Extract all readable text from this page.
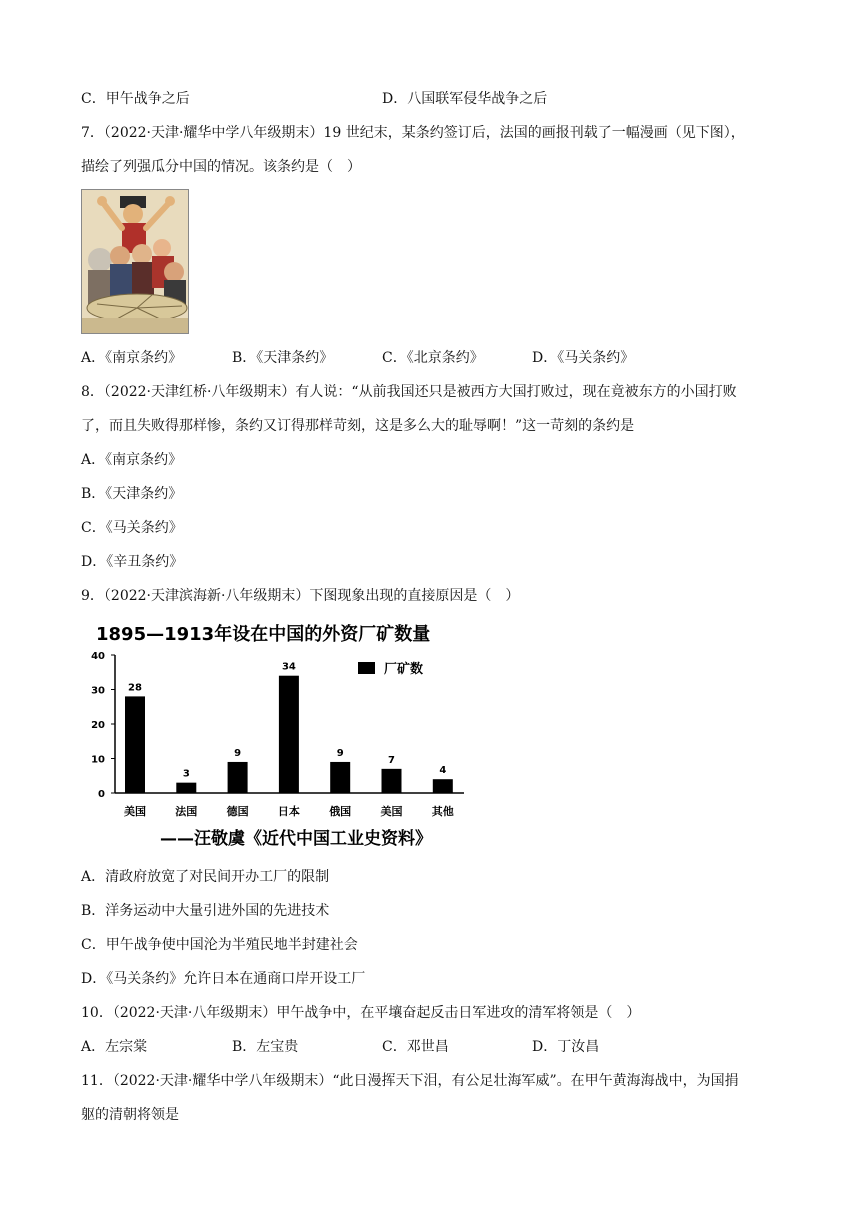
C．甲午战争之后	D．八国联军侵华战争之后
7．（2022·天津·耀华中学八年级期末）19 世纪末，某条约签订后，法国的画报刊载了一幅漫画（见下图），
描绘了列强瓜分中国的情况。该条约是（　）
A．《南京条约》	B．《天津条约》	C．《北京条约》	D．《马关条约》
8．（2022·天津红桥·八年级期末）有人说：“从前我国还只是被西方大国打败过，现在竟被东方的小国打败
了，而且失败得那样惨，条约又订得那样苛刻，这是多么大的耻辱啊！”这一苛刻的条约是
A．《南京条约》
B．《天津条约》
C．《马关条约》
D．《辛丑条约》
9．（2022·天津滨海新·八年级期末）下图现象出现的直接原因是（　）
1895—1913年设在中国的外资厂矿数量
0
10
20
30
40
28
美国
3
法国
9
德国
34
日本
9
俄国
7
美国
4
其他
厂矿数
——汪敬虞《近代中国工业史资料》
A．清政府放宽了对民间开办工厂的限制
B．洋务运动中大量引进外国的先进技术
C．甲午战争使中国沦为半殖民地半封建社会
D．《马关条约》允许日本在通商口岸开设工厂
10．（2022·天津·八年级期末）甲午战争中，在平壤奋起反击日军进攻的清军将领是（　）
A．左宗棠	B．左宝贵	C．邓世昌	D．丁汝昌
11．（2022·天津·耀华中学八年级期末）“此日漫挥天下泪，有公足壮海军威”。在甲午黄海海战中，为国捐
躯的清朝将领是
